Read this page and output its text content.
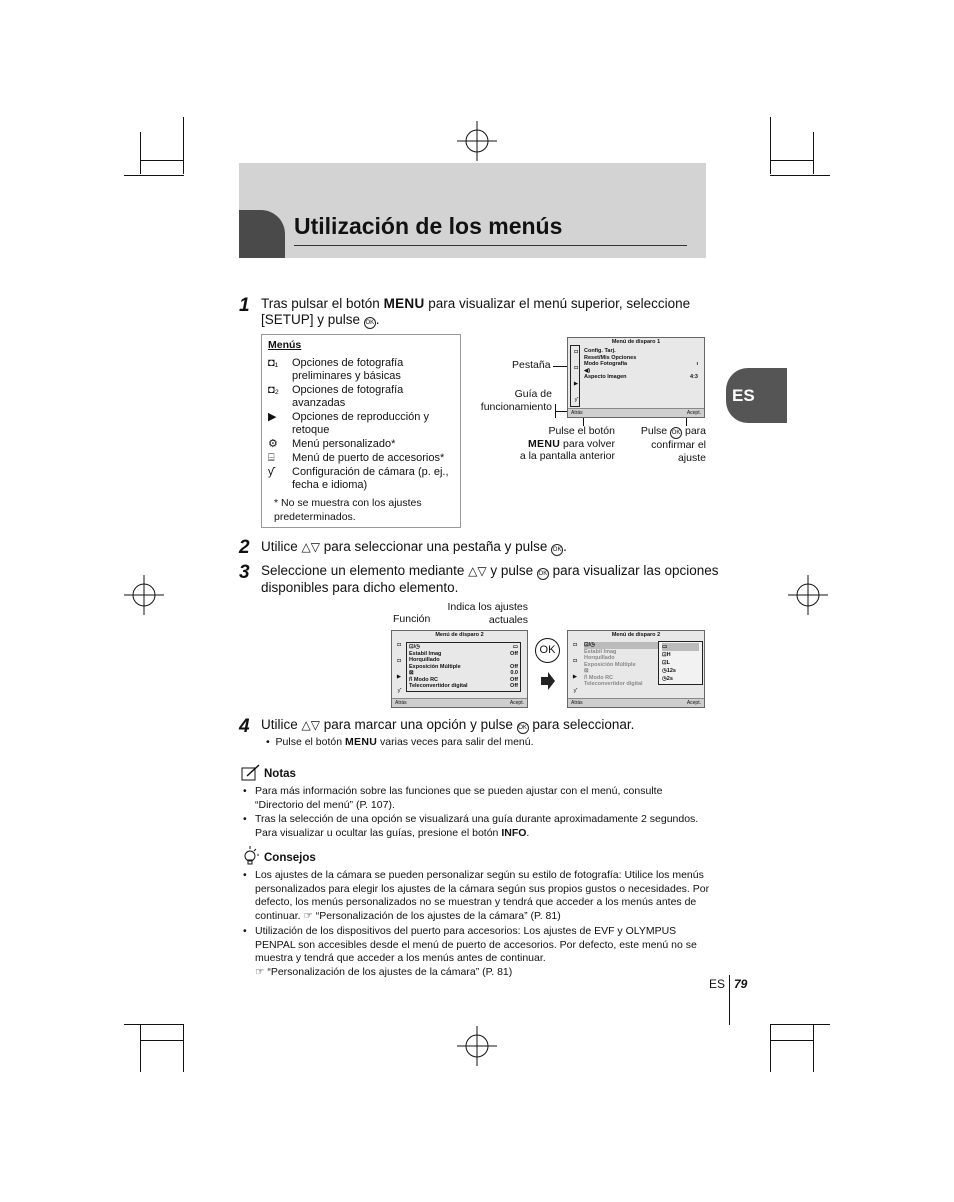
Utilización de los menús
ES
1 Tras pulsar el botón MENU para visualizar el menú superior, seleccione [SETUP] y pulse OK .
Menús
◘₁	Opciones de fotografía preliminares y básicas
◘₂	Opciones de fotografía avanzadas
▶	Opciones de reproducción y retoque
⚙	Menú personalizado*
⌸	Menú de puerto de accesorios*
ƴ	Configuración de cámara (p. ej., fecha e idioma)
* No se muestra con los ajustes predeterminados.
Menú de disparo 1
◘
◘
▶
ƴ
Config. Tarj.
Reset/Mis Opciones
Modo Fotografía	ı
◀)
Aspecto Imagen	4:3
Atrás	Acept.
Pestaña
Guía de funcionamiento
Pulse el botón
MENU para volver
a la pantalla anterior
Pulse OK para
confirmar el
ajuste
2 Utilice △▽ para seleccionar una pestaña y pulse OK .
3 Seleccione un elemento mediante △▽ y pulse OK para visualizar las opciones disponibles para dicho elemento.
Función
Indica los ajustes
actuales
Menú de disparo 2
◘
◘
▶
ƴ
⊡/◷	▭
Estabil Imag	Off
Horquillado
Exposición Múltiple	Off
⊠	0.0
ꟗ Modo RC	Off
Teleconvertidor digital	Off
Atrás	Acept.
OK
Menú de disparo 2
◘
◘
▶
ƴ
⊡/◷
Estabil Imag
Horquillado
Exposición Múltiple
⊠
ꟗ Modo RC
Teleconvertidor digital
▭
⊡H
⊡L
◷12s
◷2s
Atrás	Acept.
4 Utilice △▽ para marcar una opción y pulse OK para seleccionar.
•  Pulse el botón MENU varias veces para salir del menú.
Notas
• Para más información sobre las funciones que se pueden ajustar con el menú, consulte “Directorio del menú” (P. 107).
• Tras la selección de una opción se visualizará una guía durante aproximadamente 2 segundos. Para visualizar u ocultar las guías, presione el botón INFO.
Consejos
• Los ajustes de la cámara se pueden personalizar según su estilo de fotografía: Utilice los menús personalizados para elegir los ajustes de la cámara según sus propios gustos o necesidades. Por defecto, los menús personalizados no se muestran y tendrá que acceder a los menús antes de continuar. ☞ “Personalización de los ajustes de la cámara” (P. 81)
• Utilización de los dispositivos del puerto para accesorios: Los ajustes de EVF y OLYMPUS PENPAL son accesibles desde el menú de puerto de accesorios. Por defecto, este menú no se muestra y tendrá que acceder a los menús antes de continuar.
☞ “Personalización de los ajustes de la cámara” (P. 81)
ES 79
